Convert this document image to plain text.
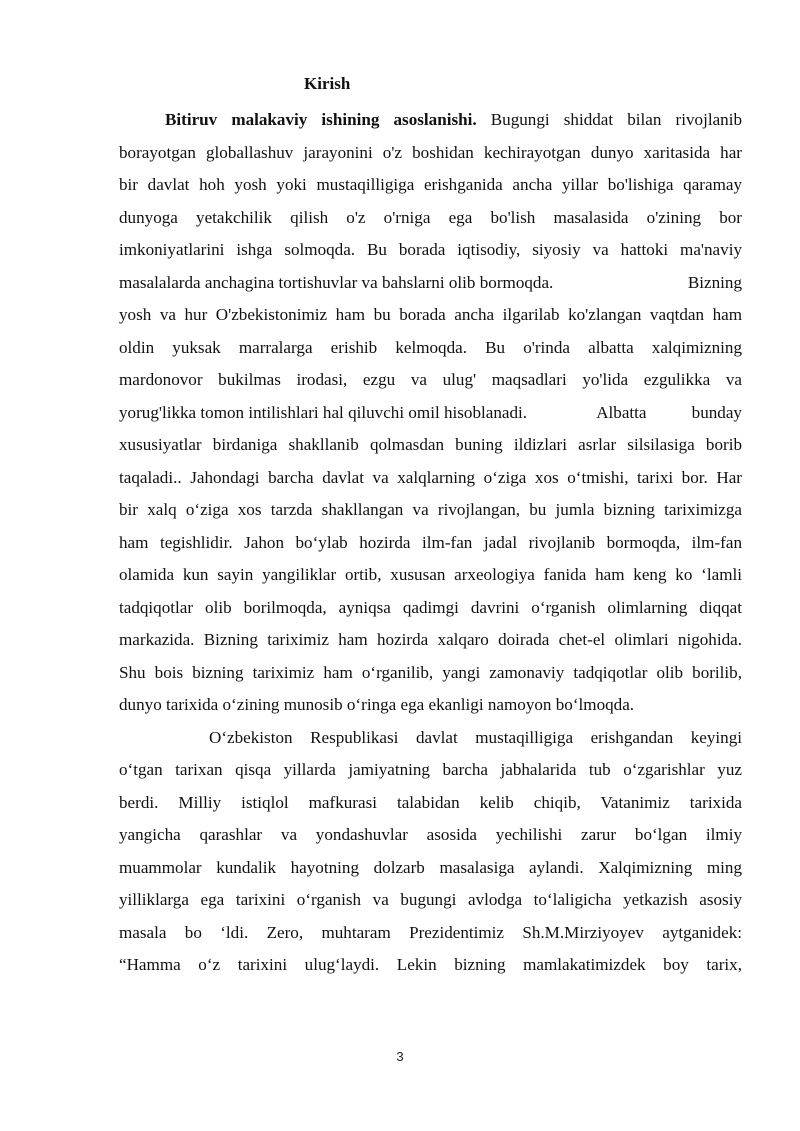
Kirish
Bitiruv malakaviy ishining asoslanishi. Bugungi shiddat bilan rivojlanib
borayotgan globallashuv jarayonini o'z boshidan kechirayotgan dunyo xaritasida har
bir davlat hoh yosh yoki mustaqilligiga erishganida ancha yillar bo'lishiga qaramay
dunyoga yetakchilik qilish o'z o'rniga ega bo'lish masalasida o'zining bor
imkoniyatlarini ishga solmoqda. Bu borada iqtisodiy, siyosiy va hattoki ma'naviy
masalalarda anchagina tortishuvlar va bahslarni olib bormoqda.	Bizning
yosh va hur O'zbekistonimiz ham bu borada ancha ilgarilab ko'zlangan vaqtdan ham
oldin yuksak marralarga erishib kelmoqda. Bu o'rinda albatta xalqimizning
mardonovor bukilmas irodasi, ezgu va ulug' maqsadlari yo'lida ezgulikka va
yorug'likka tomon intilishlari hal qiluvchi omil hisoblanadi.	Albatta	bunday
xususiyatlar birdaniga shakllanib qolmasdan buning ildizlari asrlar silsilasiga borib
taqaladi.. Jahondagi barcha davlat va xalqlarning o‘ziga xos o‘tmishi, tarixi bor. Har
bir xalq o‘ziga xos tarzda shakllangan va rivojlangan, bu jumla bizning tariximizga
ham tegishlidir. Jahon bo‘ylab hozirda ilm-fan jadal rivojlanib bormoqda, ilm-fan
olamida kun sayin yangiliklar ortib, xususan arxeologiya fanida ham keng ko ‘lamli
tadqiqotlar olib borilmoqda, ayniqsa qadimgi davrini o‘rganish olimlarning diqqat
markazida. Bizning tariximiz ham hozirda xalqaro doirada chet-el olimlari nigohida.
Shu bois bizning tariximiz ham o‘rganilib, yangi zamonaviy tadqiqotlar olib borilib,
dunyo tarixida o‘zining munosib o‘ringa ega ekanligi namoyon bo‘lmoqda.
O‘zbekiston Respublikasi davlat mustaqilligiga erishgandan keyingi
o‘tgan tarixan qisqa yillarda jamiyatning barcha jabhalarida tub o‘zgarishlar yuz
berdi. Milliy istiqlol mafkurasi talabidan kelib chiqib, Vatanimiz tarixida
yangicha qarashlar va yondashuvlar asosida yechilishi zarur bo‘lgan ilmiy
muammolar kundalik hayotning dolzarb masalasiga aylandi. Xalqimizning ming
yilliklarga ega tarixini o‘rganish va bugungi avlodga to‘laligicha yetkazish asosiy
masala bo ‘ldi. Zero, muhtaram Prezidentimiz Sh.M.Mirziyoyev aytganidek:
“Hamma o‘z tarixini ulug‘laydi. Lekin bizning mamlakatimizdek boy tarix,
3
